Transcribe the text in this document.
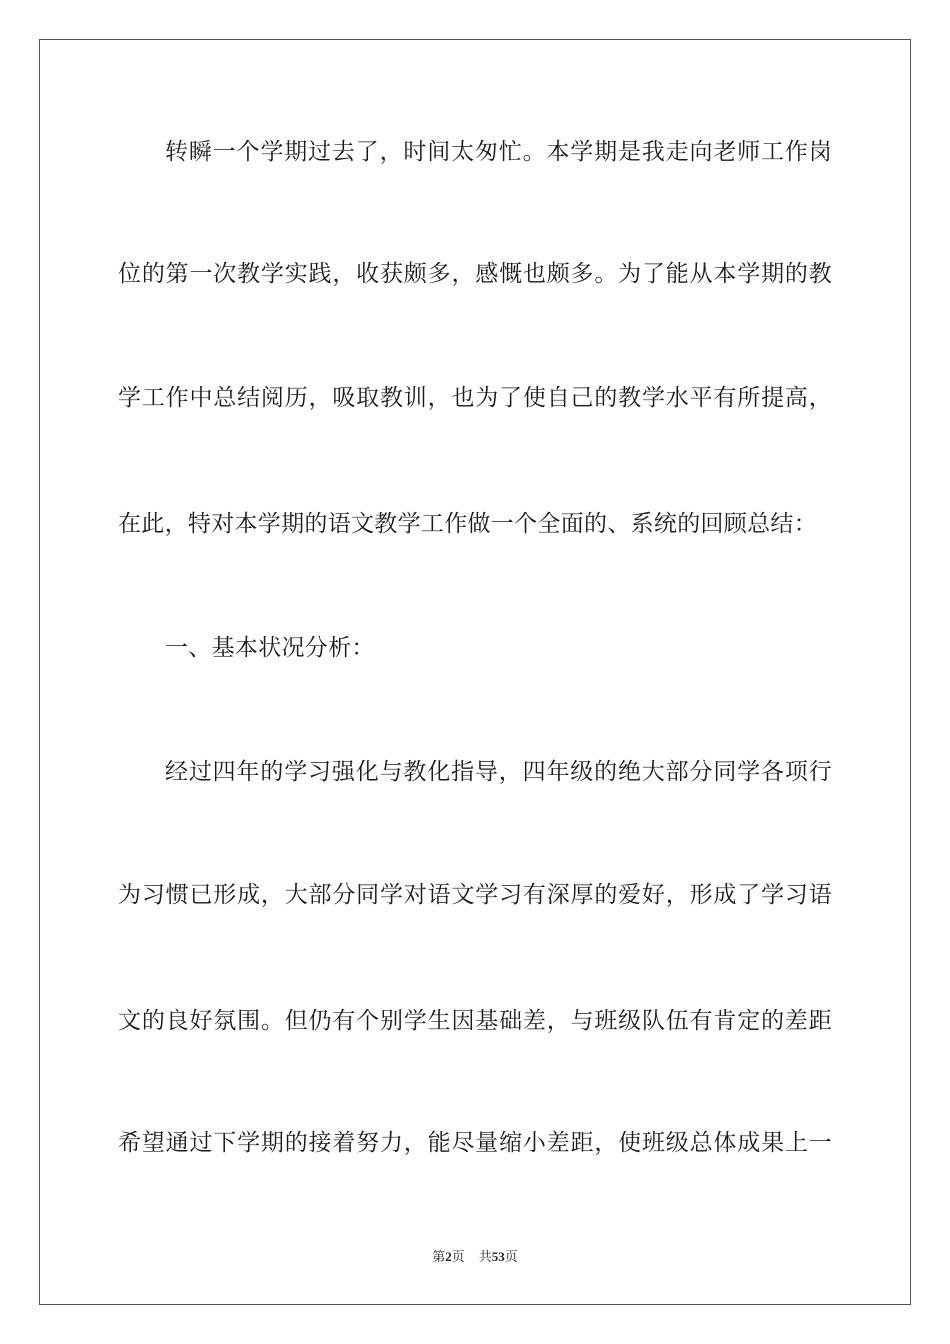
转瞬一个学期过去了，时间太匆忙。本学期是我走向老师工作岗
位的第一次教学实践，收获颇多，感慨也颇多。为了能从本学期的教
学工作中总结阅历，吸取教训，也为了使自己的教学水平有所提高，
在此，特对本学期的语文教学工作做一个全面的、系统的回顾总结：
一、基本状况分析：
经过四年的学习强化与教化指导，四年级的绝大部分同学各项行
为习惯已形成，大部分同学对语文学习有深厚的爱好，形成了学习语
文的良好氛围。但仍有个别学生因基础差，与班级队伍有肯定的差距
希望通过下学期的接着努力，能尽量缩小差距，使班级总体成果上一
第2页 共53页
